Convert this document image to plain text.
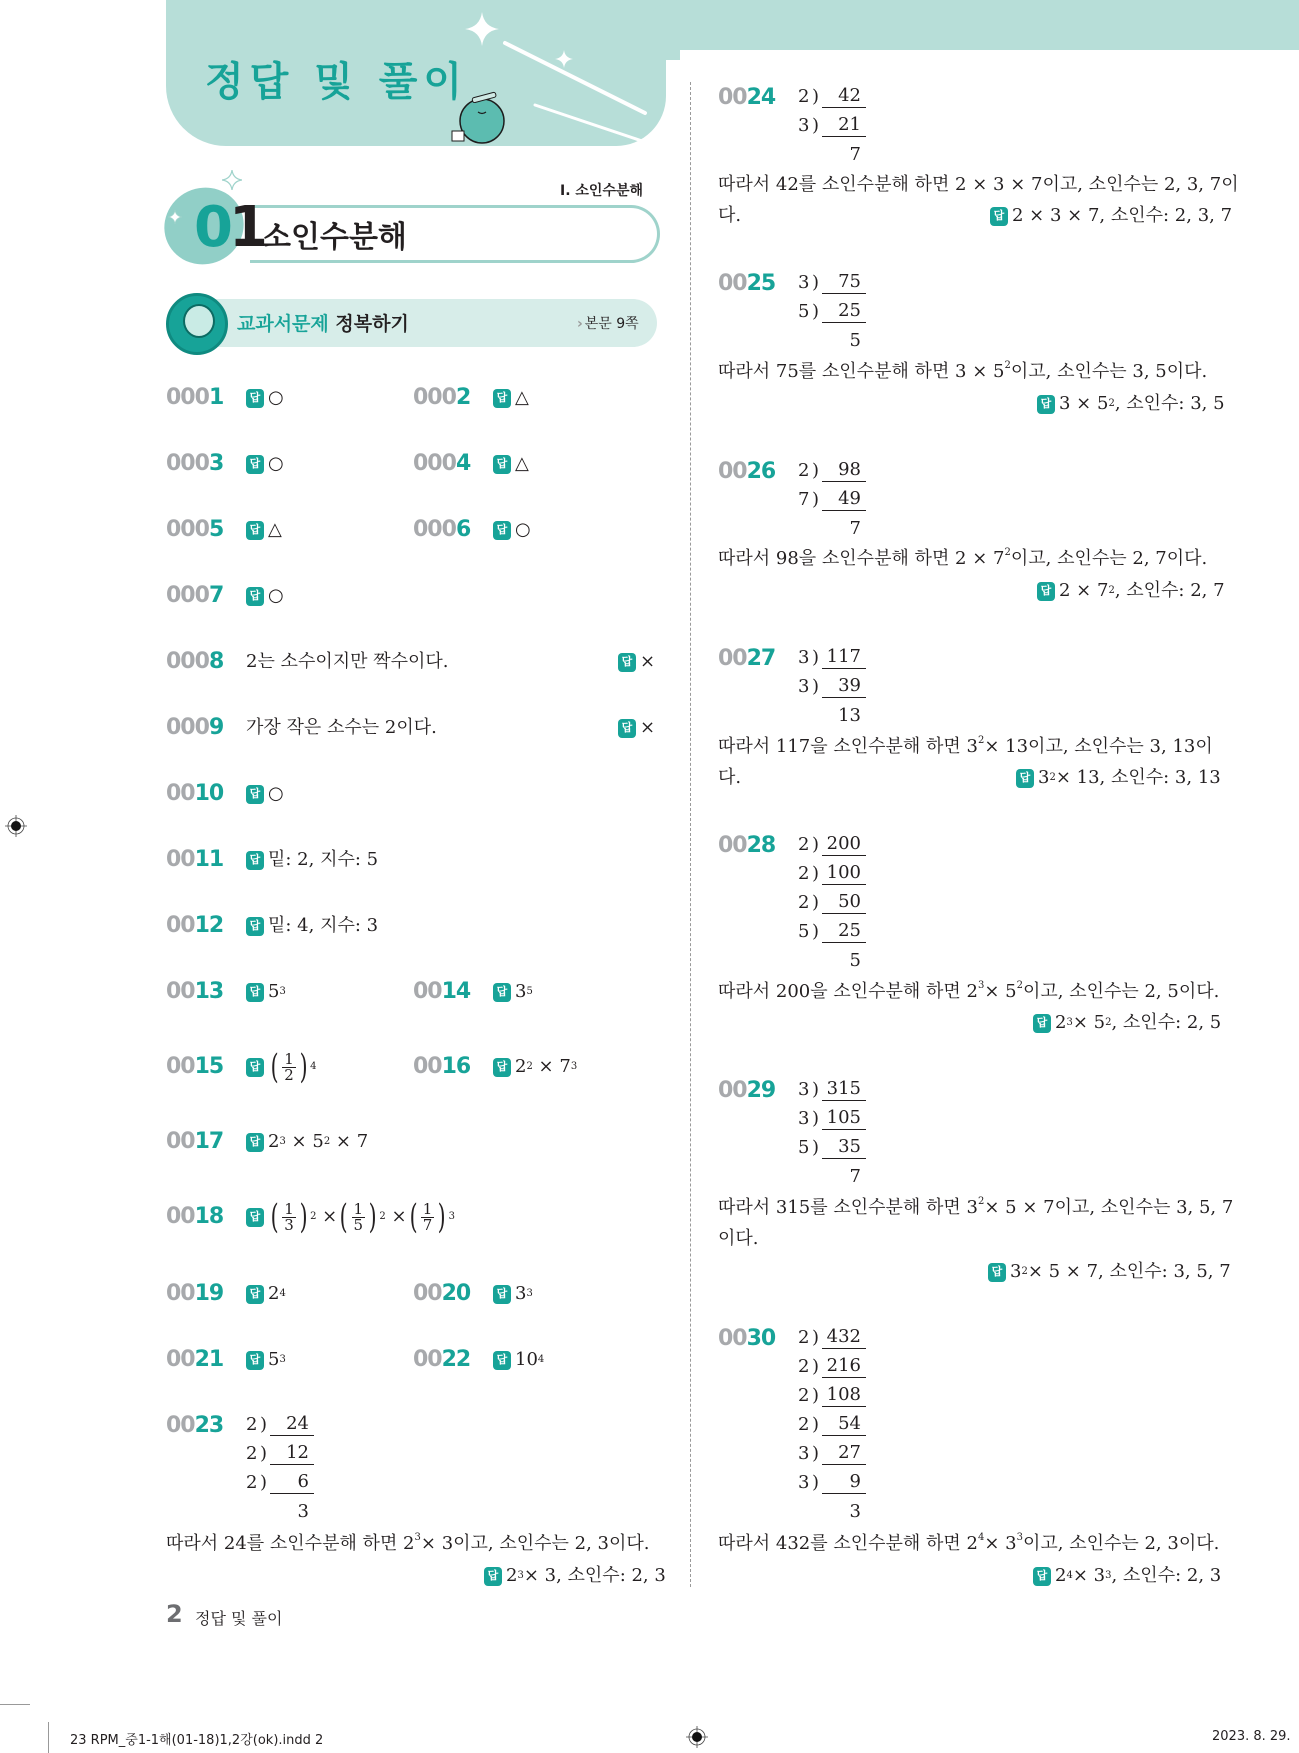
정답 및 풀이
01
소인수분해
I. 소인수분해
교과서문제 정복하기	› 본문 9쪽
0001	답 ○	0002	답 △
0003	답 ○	0004	답 △
0005	답 △	0006	답 ○
0007	답 ○
0008 2는 소수이지만 짝수이다.	답 ×
0009 가장 작은 소수는 2이다.	답 ×
0010	답 ○
0011	답 밑: 2, 지수: 5
0012	답 밑: 4, 지수: 3
0013	답 5 3	0014	답 3 5
0015	답 ( $\frac{1}{2}$ ) 4	0016	답 2 2 × 7 3
0017	답 2 3 × 5 2 × 7
0018	답 ( $\frac{1}{3}$ ) 2 × ( $\frac{1}{5}$ ) 2 × ( $\frac{1}{7}$ ) 3
0019	답 2 4	0020	답 3 3
0021	답 5 3	0022	답 10 4
0023 2 )	24
2 )	12
2 )	6
3
따라서 24를 소인수분해 하면 $2^3\times 3$이고, 소인수는 2, 3이다.
답 2 3 × 3, 소인수: 2, 3
0024 2 )	42
3 )	21
7
따라서 42를 소인수분해 하면 2 × 3 × 7이고, 소인수는 2, 3, 7이
다.	답 2 × 3 × 7, 소인수: 2, 3, 7
0025 3 )	75
5 )	25
5
따라서 75를 소인수분해 하면 $3 \times 5^2$이고, 소인수는 3, 5이다.
답 3 × 5 2 , 소인수: 3, 5
0026 2 )	98
7 )	49
7
따라서 98을 소인수분해 하면 $2 \times 7^2$이고, 소인수는 2, 7이다.
답 2 × 7 2 , 소인수: 2, 7
0027 3 ) 117
3 )	39
13
따라서 117을 소인수분해 하면 $3^2\times 13$이고, 소인수는 3, 13이
다.	답 3 2 × 13, 소인수: 3, 13
0028 2 ) 200
2 ) 100
2 )	50
5 )	25
5
따라서 200을 소인수분해 하면 $2^3\times 5^2$이고, 소인수는 2, 5이다.
답 2 3 × 5 2 , 소인수: 2, 5
0029 3 ) 315
3 ) 105
5 )	35
7
따라서 315를 소인수분해 하면 $3^2\times 5 \times 7$이고, 소인수는 3, 5, 7
이다.
답 3 2 × 5 × 7, 소인수: 3, 5, 7
0030 2 ) 432
2 ) 216
2 ) 108
2 )	54
3 )	27
3 )	9
3
따라서 432를 소인수분해 하면 $2^4\times 3^3$이고, 소인수는 2, 3이다.
답 2 4 × 3 3 , 소인수: 2, 3
2 정답 및 풀이
23 RPM_중1-1해(01-18)1,2강(ok).indd 2	2023. 8. 29.
